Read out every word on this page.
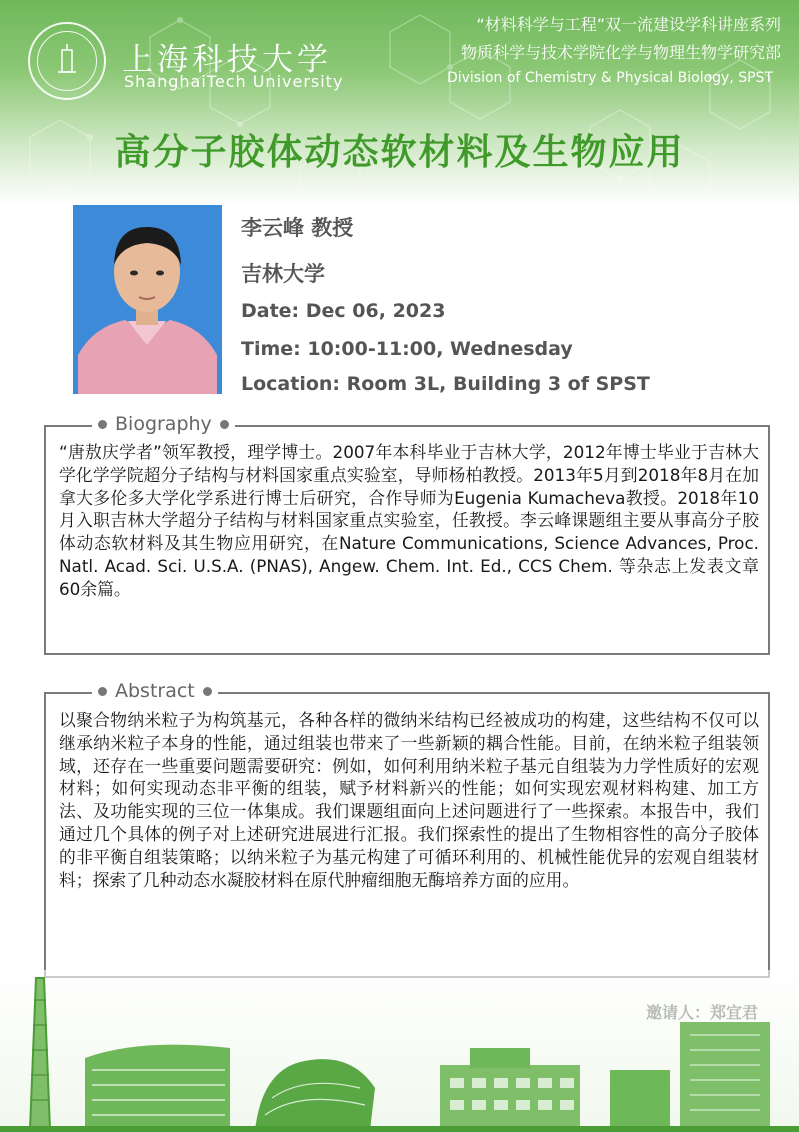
上海科技大学
ShanghaiTech University
“材料科学与工程”双一流建设学科讲座系列
物质科学与技术学院化学与物理生物学研究部
Division of Chemistry & Physical Biology, SPST
高分子胶体动态软材料及生物应用
李云峰 教授
吉林大学
Date: Dec 06, 2023
Time: 10:00-11:00, Wednesday
Location: Room 3L, Building 3 of SPST
Biography
“唐敖庆学者”领军教授，理学博士。2007年本科毕业于吉林大学，2012年博士毕业于吉林大学化学学院超分子结构与材料国家重点实验室，导师杨柏教授。2013年5月到2018年8月在加拿大多伦多大学化学系进行博士后研究，合作导师为Eugenia Kumacheva教授。2018年10月入职吉林大学超分子结构与材料国家重点实验室，任教授。李云峰课题组主要从事高分子胶体动态软材料及其生物应用研究，在Nature Communications, Science Advances, Proc. Natl. Acad. Sci. U.S.A. (PNAS), Angew. Chem. Int. Ed., CCS Chem. 等杂志上发表文章60余篇。
Abstract
以聚合物纳米粒子为构筑基元，各种各样的微纳米结构已经被成功的构建，这些结构不仅可以继承纳米粒子本身的性能，通过组装也带来了一些新颖的耦合性能。目前，在纳米粒子组装领域，还存在一些重要问题需要研究：例如，如何利用纳米粒子基元自组装为力学性质好的宏观材料；如何实现动态非平衡的组装，赋予材料新兴的性能；如何实现宏观材料构建、加工方法、及功能实现的三位一体集成。我们课题组面向上述问题进行了一些探索。本报告中，我们通过几个具体的例子对上述研究进展进行汇报。我们探索性的提出了生物相容性的高分子胶体的非平衡自组装策略；以纳米粒子为基元构建了可循环利用的、机械性能优异的宏观自组装材料；探索了几种动态水凝胶材料在原代肿瘤细胞无酶培养方面的应用。
